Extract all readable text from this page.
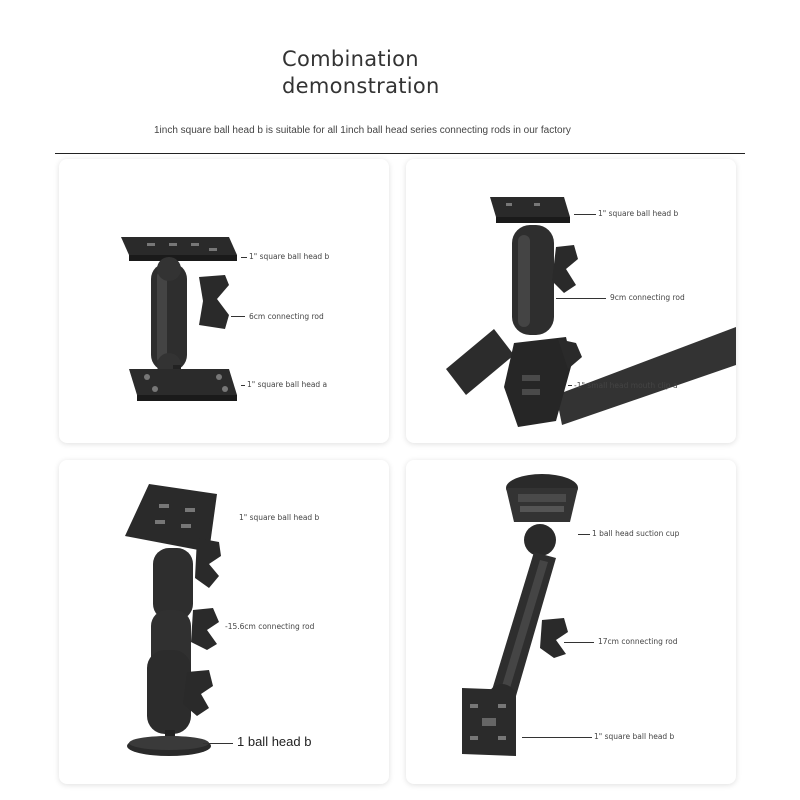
Combination
demonstration
1inch square ball head b is suitable for all 1inch ball head series connecting rods in our factory
1" square ball head b
6cm connecting rod
1" square ball head a
1" square ball head b
9cm connecting rod
-1" small head mouth clip a
1" square ball head b
-15.6cm connecting rod
1 ball head b
1 ball head suction cup
17cm connecting rod
1" square ball head b
